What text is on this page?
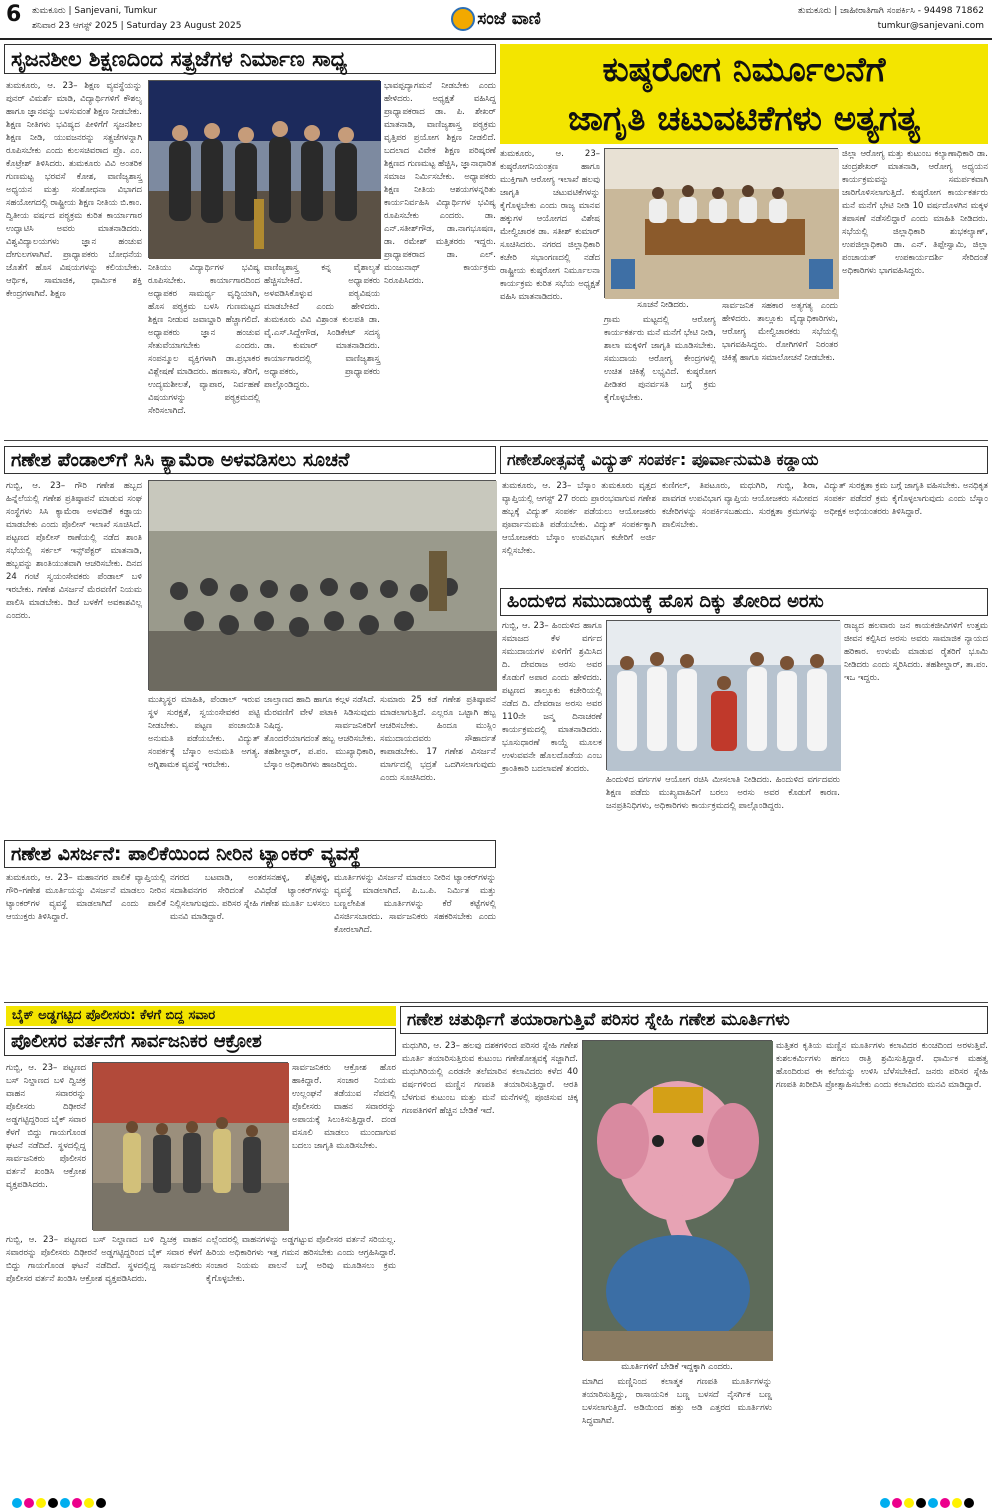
6 ತುಮಕೂರು | Sanjevani, Tumkur
ಶನಿವಾರ 23 ಆಗಸ್ಟ್ 2025 | Saturday 23 August 2025	ಸಂಜೆ ವಾಣಿ	ತುಮಕೂರು | ಜಾಹೀರಾತಿಗಾಗಿ ಸಂಪರ್ಕಿಸಿ - 94498 71862
tumkur@sanjevani.com
ಸೃಜನಶೀಲ ಶಿಕ್ಷಣದಿಂದ ಸತ್ಪ್ರಜೆಗಳ ನಿರ್ಮಾಣ ಸಾಧ್ಯ
ತುಮಕೂರು, ಆ. 23– ಶಿಕ್ಷಣ ವ್ಯವಸ್ಥೆಯನ್ನು ಪುನರ್ ವಿಮರ್ಶೆ ಮಾಡಿ, ವಿದ್ಯಾರ್ಥಿಗಳಿಗೆ ಕೌಶಲ್ಯ ಹಾಗೂ ಜ್ಞಾನವನ್ನು ಬಳಸುವಂತೆ ಶಿಕ್ಷಣ ನೀಡಬೇಕು. ಶಿಕ್ಷಣ ನೀತಿಗಳು ಭವಿಷ್ಯದ ಪೀಳಿಗೆಗೆ ಸೃಜನಶೀಲ ಶಿಕ್ಷಣ ನೀಡಿ, ಯುವಜನರನ್ನು ಸತ್ಪ್ರಜೆಗಳನ್ನಾಗಿ ರೂಪಿಸಬೇಕು ಎಂದು ಕುಲಸಚಿವರಾದ ಪ್ರೊ. ಎಂ. ಕೊಟ್ರೇಶ್ ತಿಳಿಸಿದರು. ತುಮಕೂರು ವಿವಿ ಅಂತರಿಕ ಗುಣಮಟ್ಟ ಭರವಸೆ ಕೋಶ, ವಾಣಿಜ್ಯಶಾಸ್ತ್ರ ಅಧ್ಯಯನ ಮತ್ತು ಸಂಶೋಧನಾ ವಿಭಾಗದ ಸಹಯೋಗದಲ್ಲಿ ರಾಷ್ಟ್ರೀಯ ಶಿಕ್ಷಣ ನೀತಿಯ ಬಿ.ಕಾಂ. ದ್ವಿತೀಯ ವರ್ಷದ ಪಠ್ಯಕ್ರಮ ಕುರಿತ ಕಾರ್ಯಾಗಾರ ಉದ್ಘಾಟಿಸಿ ಅವರು ಮಾತನಾಡಿದರು. ವಿಶ್ವವಿದ್ಯಾಲಯಗಳು ಜ್ಞಾನ ಹಂಚುವ ದೇಗುಲಗಳಾಗಿವೆ. ಪ್ರಾಧ್ಯಾಪಕರು ಬೋಧನೆಯ ಜೊತೆಗೆ ಹೊಸ ವಿಷಯಗಳನ್ನು ಕಲಿಯಬೇಕು. ಆರ್ಥಿಕ, ಸಾಮಾಜಿಕ, ಧಾರ್ಮಿಕ ಶಕ್ತಿ ಕೇಂದ್ರಗಳಾಗಿವೆ. ಶಿಕ್ಷಣ
ನೀತಿಯು ವಿದ್ಯಾರ್ಥಿಗಳ ಭವಿಷ್ಯ ರೂಪಿಸಬೇಕು. ಕಾರ್ಯಾಗಾರದಿಂದ ಅಧ್ಯಾಪಕರ ಸಾಮರ್ಥ್ಯ ವೃದ್ಧಿಯಾಗಿ, ಹೊಸ ಪಠ್ಯಕ್ರಮ ಬಳಸಿ ಗುಣಮಟ್ಟದ ಶಿಕ್ಷಣ ನೀಡುವ ಜವಾಬ್ದಾರಿ ಹೆಚ್ಚಾಗಲಿದೆ. ಅಧ್ಯಾಪಕರು ಜ್ಞಾನ ಹಂಚುವ ಸೇತುವೆಯಾಗಬೇಕು ಎಂದರು. ಸಂಪನ್ಮೂಲ ವ್ಯಕ್ತಿಗಳಾಗಿ ಡಾ.ಪ್ರಭಾಕರ ವಿಶ್ಲೇಷಣೆ ಮಾಡಿದರು. ಹಣಕಾಸು, ತೆರಿಗೆ, ಉದ್ಯಮಶೀಲತೆ, ವ್ಯಾಪಾರ, ನಿರ್ವಹಣೆ ವಿಷಯಗಳನ್ನು ಪಠ್ಯಕ್ರಮದಲ್ಲಿ ಸೇರಿಸಲಾಗಿದೆ.
ವಾಣಿಜ್ಯಶಾಸ್ತ್ರ ಕನ್ನ ವೈಶಾಲ್ಯತೆ ಹೆಚ್ಚಿಸಬೇಕಿದೆ. ಅಧ್ಯಾಪಕರು ಅಳವಡಿಸಿಕೊಳ್ಳುವ ಪಠ್ಯವಿಷಯ ಮಾಡಬೇಕಿದೆ ಎಂದು ಹೇಳಿದರು. ತುಮಕೂರು ವಿವಿ ವಿಶ್ರಾಂತ ಕುಲಪತಿ ಡಾ. ವೈ.ಎಸ್.ಸಿದ್ದೇಗೌಡ, ಸಿಂಡಿಕೇಟ್ ಸದಸ್ಯ ಡಾ. ಕುಮಾರ್ ಮಾತನಾಡಿದರು. ಕಾರ್ಯಾಗಾರದಲ್ಲಿ ವಾಣಿಜ್ಯಶಾಸ್ತ್ರ ಅಧ್ಯಾಪಕರು, ಪ್ರಾಧ್ಯಾಪಕರು ಪಾಲ್ಗೊಂಡಿದ್ದರು.
ಭಾವಪ್ಪದ್ಯಾಗಮನೆ ನೀಡಬೇಕು ಎಂದು ಹೇಳಿದರು. ಅಧ್ಯಕ್ಷತೆ ವಹಿಸಿದ್ದ ಪ್ರಾಧ್ಯಾಪಕರಾದ ಡಾ. ಪಿ. ಶೇಖರ್ ಮಾತನಾಡಿ, ವಾಣಿಜ್ಯಶಾಸ್ತ್ರ ಪಠ್ಯಕ್ರಮ ವೃತ್ತಿಪರ ಪ್ರಯೋಗ ಶಿಕ್ಷಣ ನೀಡಲಿದೆ. ಬದಲಾದ ವಿವೇಕ ಶಿಕ್ಷಣ ಪರಿಷ್ಕರಣೆ ಶಿಕ್ಷಣದ ಗುಣಮಟ್ಟ ಹೆಚ್ಚಿಸಿ, ಜ್ಞಾನಾಧಾರಿತ ಸಮಾಜ ನಿರ್ಮಿಸಬೇಕು. ಅಧ್ಯಾಪಕರು ಶಿಕ್ಷಣ ನೀತಿಯ ಆಶಯಗಳನ್ನರಿತು ಕಾರ್ಯನಿರ್ವಹಿಸಿ ವಿದ್ಯಾರ್ಥಿಗಳ ಭವಿಷ್ಯ ರೂಪಿಸಬೇಕು ಎಂದರು. ಡಾ. ಎನ್.ಸತೀಶ್‌ಗೌಡ, ಡಾ.ನಾಗಭೂಷಣ, ಡಾ. ರಮೇಶ್ ಮತ್ತಿತರರು ಇದ್ದರು. ಪ್ರಾಧ್ಯಾಪಕರಾದ ಡಾ. ಎಲ್. ಮಂಜುನಾಥ್ ಕಾರ್ಯಕ್ರಮ ನಿರೂಪಿಸಿದರು.
ಕುಷ್ಠರೋಗ ನಿರ್ಮೂಲನೆಗೆ
ಜಾಗೃತಿ ಚಟುವಟಿಕೆಗಳು ಅತ್ಯಗತ್ಯ
ತುಮಕೂರು, ಆ. 23– ಕುಷ್ಠರೋಗನಿಯಂತ್ರಣ ಹಾಗೂ ಮುಕ್ತಿಗಾಗಿ ಆರೋಗ್ಯ ಇಲಾಖೆ ಹಲವು ಜಾಗೃತಿ ಚಟುವಟಿಕೆಗಳನ್ನು ಕೈಗೊಳ್ಳಬೇಕು ಎಂದು ರಾಜ್ಯ ಮಾನವ ಹಕ್ಕುಗಳ ಆಯೋಗದ ವಿಶೇಷ ಮೇಲ್ವಿಚಾರಕ ಡಾ. ಸತೀಶ್ ಕುಮಾರ್ ಸೂಚಿಸಿದರು. ನಗರದ ಜಿಲ್ಲಾಧಿಕಾರಿ ಕಚೇರಿ ಸಭಾಂಗಣದಲ್ಲಿ ನಡೆದ ರಾಷ್ಟ್ರೀಯ ಕುಷ್ಠರೋಗ ನಿರ್ಮೂಲನಾ ಕಾರ್ಯಕ್ರಮ ಕುರಿತ ಸಭೆಯ ಅಧ್ಯಕ್ಷತೆ ವಹಿಸಿ ಮಾತನಾಡಿದರು.
ಸೂಚನೆ ನೀಡಿದರು.
ಗ್ರಾಮ ಮಟ್ಟದಲ್ಲಿ ಆರೋಗ್ಯ ಕಾರ್ಯಕರ್ತರು ಮನೆ ಮನೆಗೆ ಭೇಟಿ ನೀಡಿ, ಶಾಲಾ ಮಕ್ಕಳಿಗೆ ಜಾಗೃತಿ ಮೂಡಿಸಬೇಕು. ಸಮುದಾಯ ಆರೋಗ್ಯ ಕೇಂದ್ರಗಳಲ್ಲಿ ಉಚಿತ ಚಿಕಿತ್ಸೆ ಲಭ್ಯವಿದೆ. ಕುಷ್ಠರೋಗ ಪೀಡಿತರ ಪುನರ್ವಸತಿ ಬಗ್ಗೆ ಕ್ರಮ ಕೈಗೊಳ್ಳಬೇಕು.
ಸಾರ್ವಜನಿಕ ಸಹಕಾರ ಅತ್ಯಗತ್ಯ ಎಂದು ಹೇಳಿದರು. ತಾಲ್ಲೂಕು ವೈದ್ಯಾಧಿಕಾರಿಗಳು, ಆರೋಗ್ಯ ಮೇಲ್ವಿಚಾರಕರು ಸಭೆಯಲ್ಲಿ ಭಾಗವಹಿಸಿದ್ದರು. ರೋಗಿಗಳಿಗೆ ನಿರಂತರ ಚಿಕಿತ್ಸೆ ಹಾಗೂ ಸಮಾಲೋಚನೆ ನೀಡಬೇಕು.
ಜಿಲ್ಲಾ ಆರೋಗ್ಯ ಮತ್ತು ಕುಟುಂಬ ಕಲ್ಯಾಣಾಧಿಕಾರಿ ಡಾ. ಚಂದ್ರಶೇಖರ್ ಮಾತನಾಡಿ, ಆರೋಗ್ಯ ಅಧ್ಯಯನ ಕಾರ್ಯಕ್ರಮವನ್ನು ಸಮರ್ಪಕವಾಗಿ ಜಾರಿಗೊಳಿಸಲಾಗುತ್ತಿದೆ. ಕುಷ್ಠರೋಗ ಕಾರ್ಯಕರ್ತರು ಮನೆ ಮನೆಗೆ ಭೇಟಿ ನೀಡಿ 10 ವರ್ಷದೊಳಗಿನ ಮಕ್ಕಳ ತಪಾಸಣೆ ನಡೆಸಲಿದ್ದಾರೆ ಎಂದು ಮಾಹಿತಿ ನೀಡಿದರು. ಸಭೆಯಲ್ಲಿ ಜಿಲ್ಲಾಧಿಕಾರಿ ಶುಭಕಲ್ಯಾಣ್, ಉಪಜಿಲ್ಲಾಧಿಕಾರಿ ಡಾ. ಎನ್. ತಿಪ್ಪೇಸ್ವಾಮಿ, ಜಿಲ್ಲಾ ಪಂಚಾಯತ್ ಉಪಕಾರ್ಯದರ್ಶಿ ಸೇರಿದಂತೆ ಅಧಿಕಾರಿಗಳು ಭಾಗವಹಿಸಿದ್ದರು.
ಗಣೇಶ ಪೆಂಡಾಲ್‌ಗೆ ಸಿಸಿ ಕ್ಯಾಮೆರಾ ಅಳವಡಿಸಲು ಸೂಚನೆ
ಗುಬ್ಬಿ, ಆ. 23– ಗೌರಿ ಗಣೇಶ ಹಬ್ಬದ ಹಿನ್ನೆಲೆಯಲ್ಲಿ ಗಣೇಶ ಪ್ರತಿಷ್ಠಾಪನೆ ಮಾಡುವ ಸಂಘ ಸಂಸ್ಥೆಗಳು ಸಿಸಿ ಕ್ಯಾಮೆರಾ ಅಳವಡಿಕೆ ಕಡ್ಡಾಯ ಮಾಡಬೇಕು ಎಂದು ಪೊಲೀಸ್ ಇಲಾಖೆ ಸೂಚಿಸಿದೆ. ಪಟ್ಟಣದ ಪೊಲೀಸ್ ಠಾಣೆಯಲ್ಲಿ ನಡೆದ ಶಾಂತಿ ಸಭೆಯಲ್ಲಿ ಸರ್ಕಲ್ ಇನ್ಸ್‌ಪೆಕ್ಟರ್ ಮಾತನಾಡಿ, ಹಬ್ಬವನ್ನು ಶಾಂತಿಯುತವಾಗಿ ಆಚರಿಸಬೇಕು. ದಿನದ 24 ಗಂಟೆ ಸ್ವಯಂಸೇವಕರು ಪೆಂಡಾಲ್ ಬಳಿ ಇರಬೇಕು. ಗಣೇಶ ವಿಸರ್ಜನೆ ಮೆರವಣಿಗೆ ನಿಯಮ ಪಾಲಿಸಿ ಮಾಡಬೇಕು. ಡಿಜೆ ಬಳಕೆಗೆ ಅವಕಾಶವಿಲ್ಲ ಎಂದರು.
ಮುಖ್ಯಸ್ಥರ ಮಾಹಿತಿ, ಪೆಂಡಾಲ್ ಇರುವ ಸ್ಥಳ ಸುರಕ್ಷತೆ, ಸ್ವಯಂಸೇವಕರ ಪಟ್ಟಿ ನೀಡಬೇಕು. ಪಟ್ಟಣ ಪಂಚಾಯಿತಿ ಅನುಮತಿ ಪಡೆಯಬೇಕು. ವಿದ್ಯುತ್ ಸಂಪರ್ಕಕ್ಕೆ ಬೆಸ್ಕಾಂ ಅನುಮತಿ ಅಗತ್ಯ. ಅಗ್ನಿಶಾಮಕ ವ್ಯವಸ್ಥೆ ಇರಬೇಕು.
ಜಾಲ್ತಾಣದ ಹಾದಿ ಹಾಗೂ ಕಲ್ಗಳ ನಡೆಸಿದೆ. ಮೆರವಣಿಗೆ ವೇಳೆ ಪಟಾಕಿ ಸಿಡಿಸುವುದು ನಿಷಿದ್ಧ. ಸಾರ್ವಜನಿಕರಿಗೆ ತೊಂದರೆಯಾಗದಂತೆ ಹಬ್ಬ ಆಚರಿಸಬೇಕು. ತಹಶೀಲ್ದಾರ್, ಪ.ಪಂ. ಮುಖ್ಯಾಧಿಕಾರಿ, ಬೆಸ್ಕಾಂ ಅಧಿಕಾರಿಗಳು ಹಾಜರಿದ್ದರು.
ಸುಮಾರು 25 ಕಡೆ ಗಣೇಶ ಪ್ರತಿಷ್ಠಾಪನೆ ಮಾಡಲಾಗುತ್ತಿದೆ. ಎಲ್ಲರೂ ಒಟ್ಟಾಗಿ ಹಬ್ಬ ಆಚರಿಸಬೇಕು. ಹಿಂದೂ ಮುಸ್ಲಿಂ ಸಮುದಾಯದವರು ಸೌಹಾರ್ದತೆ ಕಾಪಾಡಬೇಕು. 17 ಗಣೇಶ ವಿಸರ್ಜನೆ ಮಾರ್ಗದಲ್ಲಿ ಭದ್ರತೆ ಒದಗಿಸಲಾಗುವುದು ಎಂದು ಸೂಚಿಸಿದರು.
ಗಣೇಶೋತ್ಸವಕ್ಕೆ ವಿದ್ಯುತ್ ಸಂಪರ್ಕ: ಪೂರ್ವಾನುಮತಿ ಕಡ್ಡಾಯ
ತುಮಕೂರು, ಆ. 23– ಬೆಸ್ಕಾಂ ತುಮಕೂರು ವೃತ್ತದ ವ್ಯಾಪ್ತಿಯಲ್ಲಿ ಆಗಸ್ಟ್ 27 ರಂದು ಪ್ರಾರಂಭವಾಗುವ ಗಣೇಶ ಹಬ್ಬಕ್ಕೆ ವಿದ್ಯುತ್ ಸಂಪರ್ಕ ಪಡೆಯಲು ಆಯೋಜಕರು ಪೂರ್ವಾನುಮತಿ ಪಡೆಯಬೇಕು. ವಿದ್ಯುತ್ ಸಂಪರ್ಕಕ್ಕಾಗಿ ಆಯೋಜಕರು ಬೆಸ್ಕಾಂ ಉಪವಿಭಾಗ ಕಚೇರಿಗೆ ಅರ್ಜಿ ಸಲ್ಲಿಸಬೇಕು.
ಕುಣಿಗಲ್, ತಿಪಟೂರು, ಮಧುಗಿರಿ, ಗುಬ್ಬಿ, ಶಿರಾ, ಪಾವಗಡ ಉಪವಿಭಾಗ ವ್ಯಾಪ್ತಿಯ ಆಯೋಜಕರು ಸಮೀಪದ ಕಚೇರಿಗಳನ್ನು ಸಂಪರ್ಕಿಸಬಹುದು. ಸುರಕ್ಷತಾ ಕ್ರಮಗಳನ್ನು ಪಾಲಿಸಬೇಕು.
ವಿದ್ಯುತ್ ಸುರಕ್ಷತಾ ಕ್ರಮ ಬಗ್ಗೆ ಜಾಗೃತಿ ವಹಿಸಬೇಕು. ಅನಧಿಕೃತ ಸಂಪರ್ಕ ಪಡೆದರೆ ಕ್ರಮ ಕೈಗೊಳ್ಳಲಾಗುವುದು ಎಂದು ಬೆಸ್ಕಾಂ ಅಧೀಕ್ಷಕ ಅಭಿಯಂತರರು ತಿಳಿಸಿದ್ದಾರೆ.
ಹಿಂದುಳಿದ ಸಮುದಾಯಕ್ಕೆ ಹೊಸ ದಿಕ್ಕು ತೋರಿದ ಅರಸು
ಗುಬ್ಬಿ, ಆ. 23– ಹಿಂದುಳಿದ ಹಾಗೂ ಸಮಾಜದ ಕೆಳ ವರ್ಗದ ಸಮುದಾಯಗಳ ಏಳಿಗೆಗೆ ಶ್ರಮಿಸಿದ ದಿ. ದೇವರಾಜ ಅರಸು ಅವರ ಕೊಡುಗೆ ಅಪಾರ ಎಂದು ಹೇಳಿದರು. ಪಟ್ಟಣದ ತಾಲ್ಲೂಕು ಕಚೇರಿಯಲ್ಲಿ ನಡೆದ ದಿ. ದೇವರಾಜ ಅರಸು ಅವರ 110ನೇ ಜನ್ಮ ದಿನಾಚರಣೆ ಕಾರ್ಯಕ್ರಮದಲ್ಲಿ ಮಾತನಾಡಿದರು. ಭೂಸುಧಾರಣೆ ಕಾಯ್ದೆ ಮೂಲಕ ಉಳುವವನೇ ಹೊಲದೊಡೆಯ ಎಂಬ ಕ್ರಾಂತಿಕಾರಿ ಬದಲಾವಣೆ ತಂದರು.
ಹಿಂದುಳಿದ ವರ್ಗಗಳ ಆಯೋಗ ರಚಿಸಿ ಮೀಸಲಾತಿ ನೀಡಿದರು. ಹಿಂದುಳಿದ ವರ್ಗದವರು ಶಿಕ್ಷಣ ಪಡೆದು ಮುಖ್ಯವಾಹಿನಿಗೆ ಬರಲು ಅರಸು ಅವರ ಕೊಡುಗೆ ಕಾರಣ. ಜನಪ್ರತಿನಿಧಿಗಳು, ಅಧಿಕಾರಿಗಳು ಕಾರ್ಯಕ್ರಮದಲ್ಲಿ ಪಾಲ್ಗೊಂಡಿದ್ದರು.
ರಾಜ್ಯದ ಹಲವಾರು ಜನ ಕಾಯಕಜೀವಿಗಳಿಗೆ ಉತ್ತಮ ಜೀವನ ಕಲ್ಪಿಸಿದ ಅರಸು ಅವರು ಸಾಮಾಜಿಕ ನ್ಯಾಯದ ಹರಿಕಾರ. ಉಳುಮೆ ಮಾಡುವ ರೈತರಿಗೆ ಭೂಮಿ ನೀಡಿದರು ಎಂದು ಸ್ಮರಿಸಿದರು. ತಹಶೀಲ್ದಾರ್, ತಾ.ಪಂ. ಇಒ ಇದ್ದರು.
ಗಣೇಶ ವಿಸರ್ಜನೆ: ಪಾಲಿಕೆಯಿಂದ ನೀರಿನ ಟ್ಯಾಂಕರ್ ವ್ಯವಸ್ಥೆ
ತುಮಕೂರು, ಆ. 23– ಮಹಾನಗರ ಪಾಲಿಕೆ ವ್ಯಾಪ್ತಿಯಲ್ಲಿ ಗೌರಿ–ಗಣೇಶ ಮೂರ್ತಿಯನ್ನು ವಿಸರ್ಜನೆ ಮಾಡಲು ನೀರಿನ ಟ್ಯಾಂಕರ್‌ಗಳ ವ್ಯವಸ್ಥೆ ಮಾಡಲಾಗಿದೆ ಎಂದು ಪಾಲಿಕೆ ಆಯುಕ್ತರು ತಿಳಿಸಿದ್ದಾರೆ.
ನಗರದ ಬಟವಾಡಿ, ಅಂತರಸನಹಳ್ಳಿ, ಶೆಟ್ಟಿಹಳ್ಳಿ, ಸದಾಶಿವನಗರ ಸೇರಿದಂತೆ ವಿವಿಧೆಡೆ ಟ್ಯಾಂಕರ್‌ಗಳನ್ನು ನಿಲ್ಲಿಸಲಾಗುವುದು. ಪರಿಸರ ಸ್ನೇಹಿ ಗಣೇಶ ಮೂರ್ತಿ ಬಳಸಲು ಮನವಿ ಮಾಡಿದ್ದಾರೆ.
ಮೂರ್ತಿಗಳನ್ನು ವಿಸರ್ಜನೆ ಮಾಡಲು ನೀರಿನ ಟ್ಯಾಂಕರ್‌ಗಳನ್ನು ವ್ಯವಸ್ಥೆ ಮಾಡಲಾಗಿದೆ. ಪಿ.ಒ.ಪಿ. ನಿರ್ಮಿತ ಮತ್ತು ಬಣ್ಣಲೇಪಿತ ಮೂರ್ತಿಗಳನ್ನು ಕೆರೆ ಕಟ್ಟೆಗಳಲ್ಲಿ ವಿಸರ್ಜಿಸಬಾರದು. ಸಾರ್ವಜನಿಕರು ಸಹಕರಿಸಬೇಕು ಎಂದು ಕೋರಲಾಗಿದೆ.
ಬೈಕ್ ಅಡ್ಡಗಟ್ಟಿದ ಪೊಲೀಸರು: ಕೆಳಗೆ ಬಿದ್ದ ಸವಾರ
ಪೊಲೀಸರ ವರ್ತನೆಗೆ ಸಾರ್ವಜನಿಕರ ಆಕ್ರೋಶ
ಗುಬ್ಬಿ, ಆ. 23– ಪಟ್ಟಣದ ಬಸ್ ನಿಲ್ದಾಣದ ಬಳಿ ದ್ವಿಚಕ್ರ ವಾಹನ ಸವಾರರನ್ನು ಪೊಲೀಸರು ದಿಢೀರನೆ ಅಡ್ಡಗಟ್ಟಿದ್ದರಿಂದ ಬೈಕ್ ಸವಾರ ಕೆಳಗೆ ಬಿದ್ದು ಗಾಯಗೊಂಡ ಘಟನೆ ನಡೆದಿದೆ. ಸ್ಥಳದಲ್ಲಿದ್ದ ಸಾರ್ವಜನಿಕರು ಪೊಲೀಸರ ವರ್ತನೆ ಖಂಡಿಸಿ ಆಕ್ರೋಶ ವ್ಯಕ್ತಪಡಿಸಿದರು.
ಸಾರ್ವಜನಿಕರು ಆಕ್ರೋಶ ಹೊರ ಹಾಕಿದ್ದಾರೆ. ಸಂಚಾರ ನಿಯಮ ಉಲ್ಲಂಘನೆ ತಡೆಯುವ ನೆಪದಲ್ಲಿ ಪೊಲೀಸರು ವಾಹನ ಸವಾರರನ್ನು ಅಪಾಯಕ್ಕೆ ಸಿಲುಕಿಸುತ್ತಿದ್ದಾರೆ. ದಂಡ ವಸೂಲಿ ಮಾಡಲು ಮುಂದಾಗುವ ಬದಲು ಜಾಗೃತಿ ಮೂಡಿಸಬೇಕು.
ಗುಬ್ಬಿ, ಆ. 23– ಪಟ್ಟಣದ ಬಸ್ ನಿಲ್ದಾಣದ ಬಳಿ ದ್ವಿಚಕ್ರ ವಾಹನ ಸವಾರರನ್ನು ಪೊಲೀಸರು ದಿಢೀರನೆ ಅಡ್ಡಗಟ್ಟಿದ್ದರಿಂದ ಬೈಕ್ ಸವಾರ ಕೆಳಗೆ ಬಿದ್ದು ಗಾಯಗೊಂಡ ಘಟನೆ ನಡೆದಿದೆ. ಸ್ಥಳದಲ್ಲಿದ್ದ ಸಾರ್ವಜನಿಕರು ಪೊಲೀಸರ ವರ್ತನೆ ಖಂಡಿಸಿ ಆಕ್ರೋಶ ವ್ಯಕ್ತಪಡಿಸಿದರು.
ಎಲ್ಲೆಂದರಲ್ಲಿ ವಾಹನಗಳನ್ನು ಅಡ್ಡಗಟ್ಟುವ ಪೊಲೀಸರ ವರ್ತನೆ ಸರಿಯಲ್ಲ. ಹಿರಿಯ ಅಧಿಕಾರಿಗಳು ಇತ್ತ ಗಮನ ಹರಿಸಬೇಕು ಎಂದು ಆಗ್ರಹಿಸಿದ್ದಾರೆ. ಸಂಚಾರ ನಿಯಮ ಪಾಲನೆ ಬಗ್ಗೆ ಅರಿವು ಮೂಡಿಸಲು ಕ್ರಮ ಕೈಗೊಳ್ಳಬೇಕು.
ಗಣೇಶ ಚತುರ್ಥಿಗೆ ತಯಾರಾಗುತ್ತಿವೆ ಪರಿಸರ ಸ್ನೇಹಿ ಗಣೇಶ ಮೂರ್ತಿಗಳು
ಮಧುಗಿರಿ, ಆ. 23– ಹಲವು ದಶಕಗಳಿಂದ ಪರಿಸರ ಸ್ನೇಹಿ ಗಣೇಶ ಮೂರ್ತಿ ತಯಾರಿಸುತ್ತಿರುವ ಕುಟುಂಬ ಗಣೇಶೋತ್ಸವಕ್ಕೆ ಸಜ್ಜಾಗಿದೆ. ಮಧುಗಿರಿಯಲ್ಲಿ ಎರಡನೇ ತಲೆಮಾರಿನ ಕಲಾವಿದರು ಕಳೆದ 40 ವರ್ಷಗಳಿಂದ ಮಣ್ಣಿನ ಗಣಪತಿ ತಯಾರಿಸುತ್ತಿದ್ದಾರೆ. ಆರತಿ ಬೆಳಗುವ ಕುಟುಂಬ ಮತ್ತು ಮನೆ ಮನೆಗಳಲ್ಲಿ ಪೂಜಿಸುವ ಚಿಕ್ಕ ಗಣಪತಿಗಳಿಗೆ ಹೆಚ್ಚಿನ ಬೇಡಿಕೆ ಇದೆ.
ಮೂರ್ತಿಗಳಿಗೆ ಬೇಡಿಕೆ ಇದ್ದಕ್ಕಾಗಿ ಎಂದರು.
ಮಾಗಿದ ಮಣ್ಣಿನಿಂದ ಕಲಾತ್ಮಕ ಗಣಪತಿ ಮೂರ್ತಿಗಳನ್ನು ತಯಾರಿಸುತ್ತಿದ್ದು, ರಾಸಾಯನಿಕ ಬಣ್ಣ ಬಳಸದೆ ನೈಸರ್ಗಿಕ ಬಣ್ಣ ಬಳಸಲಾಗುತ್ತಿದೆ. ಅಡಿಯಿಂದ ಹತ್ತು ಅಡಿ ಎತ್ತರದ ಮೂರ್ತಿಗಳು ಸಿದ್ಧವಾಗಿವೆ.
ಮತ್ತಿತರ ಕೃತಿಯ ಮಣ್ಣಿನ ಮೂರ್ತಿಗಳು ಕಲಾವಿದರ ಕುಂಚದಿಂದ ಅರಳುತ್ತಿವೆ. ಕುಶಲಕರ್ಮಿಗಳು ಹಗಲು ರಾತ್ರಿ ಶ್ರಮಿಸುತ್ತಿದ್ದಾರೆ. ಧಾರ್ಮಿಕ ಮಹತ್ವ ಹೊಂದಿರುವ ಈ ಕಲೆಯನ್ನು ಉಳಿಸಿ ಬೆಳೆಸಬೇಕಿದೆ. ಜನರು ಪರಿಸರ ಸ್ನೇಹಿ ಗಣಪತಿ ಖರೀದಿಸಿ ಪ್ರೋತ್ಸಾಹಿಸಬೇಕು ಎಂದು ಕಲಾವಿದರು ಮನವಿ ಮಾಡಿದ್ದಾರೆ.
